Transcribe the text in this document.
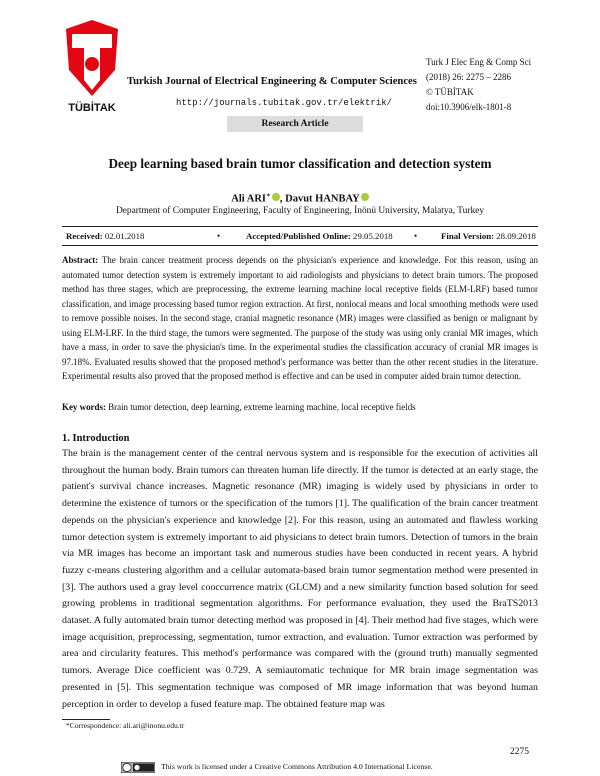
TÜBİTAK
Turkish Journal of Electrical Engineering & Computer Sciences
http://journals.tubitak.gov.tr/elektrik/
Research Article
Turk J Elec Eng & Comp Sci
(2018) 26: 2275 – 2286
© TÜBİTAK
doi:10.3906/elk-1801-8
Deep learning based brain tumor classification and detection system
Ali ARI∗ , Davut HANBAY
Department of Computer Engineering, Faculty of Engineering, İnönü University, Malatya, Turkey
Received: 02.01.2018	•	Accepted/Published Online: 29.05.2018 •	Final Version: 28.09.2018
Abstract: The brain cancer treatment process depends on the physician's experience and knowledge. For this reason, using an automated tumor detection system is extremely important to aid radiologists and physicians to detect brain tumors. The proposed method has three stages, which are preprocessing, the extreme learning machine local receptive fields (ELM-LRF) based tumor classification, and image processing based tumor region extraction. At first, nonlocal means and local smoothing methods were used to remove possible noises. In the second stage, cranial magnetic resonance (MR) images were classified as benign or malignant by using ELM-LRF. In the third stage, the tumors were segmented. The purpose of the study was using only cranial MR images, which have a mass, in order to save the physician's time. In the experimental studies the classification accuracy of cranial MR images is 97.18%. Evaluated results showed that the proposed method's performance was better than the other recent studies in the literature. Experimental results also proved that the proposed method is effective and can be used in computer aided brain tumor detection.
Key words: Brain tumor detection, deep learning, extreme learning machine, local receptive fields
1. Introduction
The brain is the management center of the central nervous system and is responsible for the execution of activities all throughout the human body. Brain tumors can threaten human life directly. If the tumor is detected at an early stage, the patient's survival chance increases. Magnetic resonance (MR) imaging is widely used by physicians in order to determine the existence of tumors or the specification of the tumors [1]. The qualification of the brain cancer treatment depends on the physician's experience and knowledge [2]. For this reason, using an automated and flawless working tumor detection system is extremely important to aid physicians to detect brain tumors. Detection of tumors in the brain via MR images has become an important task and numerous studies have been conducted in recent years. A hybrid fuzzy c-means clustering algorithm and a cellular automata-based brain tumor segmentation method were presented in [3]. The authors used a gray level cooccurrence matrix (GLCM) and a new similarity function based solution for seed growing problems in traditional segmentation algorithms. For performance evaluation, they used the BraTS2013 dataset. A fully automated brain tumor detecting method was proposed in [4]. Their method had five stages, which were image acquisition, preprocessing, segmentation, tumor extraction, and evaluation. Tumor extraction was performed by area and circularity features. This method's performance was compared with the (ground truth) manually segmented tumors. Average Dice coefficient was 0.729. A semiautomatic technique for MR brain image segmentation was presented in [5]. This segmentation technique was composed of MR image information that was beyond human perception in order to develop a fused feature map. The obtained feature map was
*Correspondence: ali.ari@inonu.edu.tr
2275
This work is licensed under a Creative Commons Attribution 4.0 International License.
